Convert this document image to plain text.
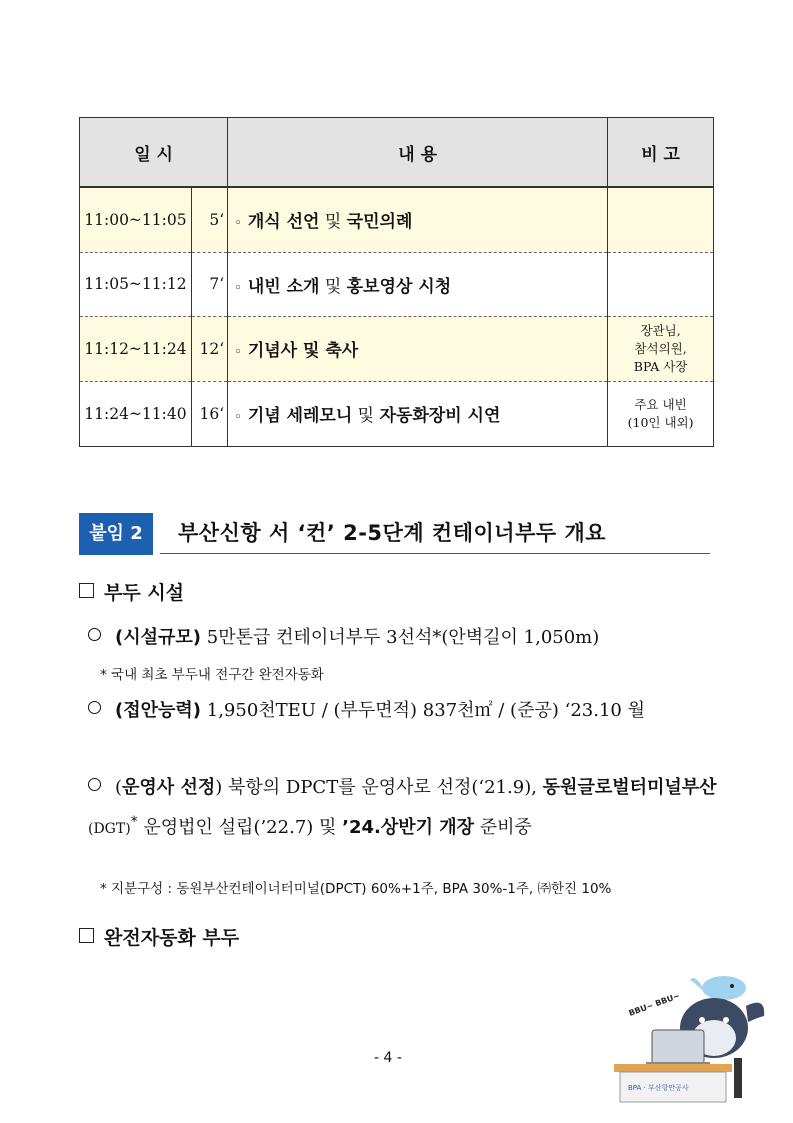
일 시		내 용	비 고
11:00~11:05	5‘	◦ 개식 선언 및 국민의례	
11:05~11:12	7‘	◦ 내빈 소개 및 홍보영상 시청	
11:12~11:24	12‘	◦ 기념사 및 축사	장관님,
참석의원,
BPA 사장

11:24~11:40	16‘	◦ 기념 세레모니 및 자동화장비 시연	주요 내빈
(10인 내외)
붙임 2	부산신항 서 ‘컨’ 2-5단계 컨테이너부두 개요
부두 시설
(시설규모) 5만톤급 컨테이너부두 3선석*(안벽길이 1,050m)
* 국내 최초 부두내 전구간 완전자동화
(접안능력) 1,950천TEU / (부두면적) 837천㎡ / (준공) ‘23.10 월
(운영사 선정) 북항의 DPCT를 운영사로 선정(‘21.9), 동원글로벌터미널부산(DGT)* 운영법인 설립(’22.7) 및 ’24.상반기 개장 준비중
* 지분구성 : 동원부산컨테이너터미널(DPCT) 60%+1주, BPA 30%-1주, ㈜한진 10%
완전자동화 부두
- 4 -
BPA · 부산항만공사
BBU~ BBU~
